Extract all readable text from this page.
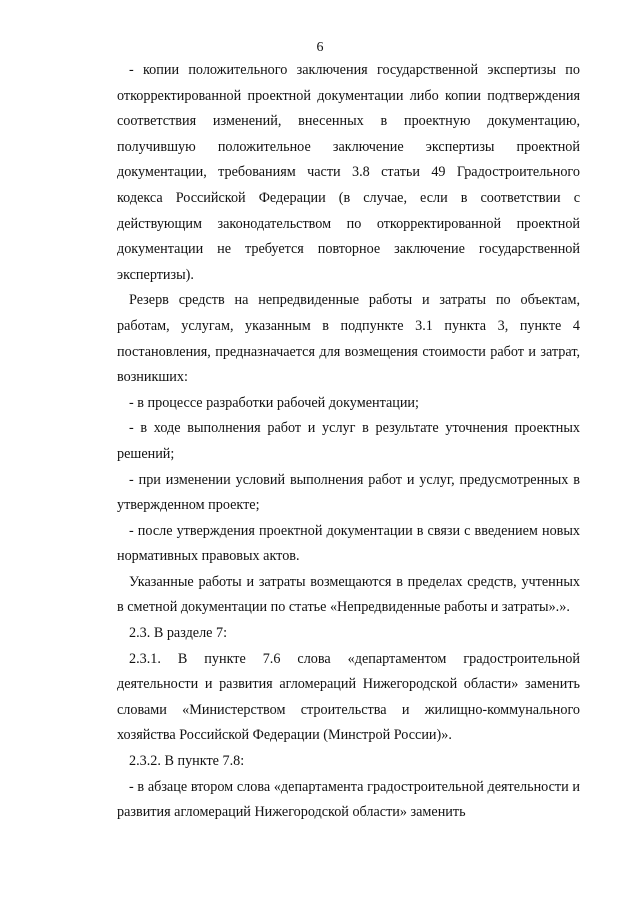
6

- копии положительного заключения государственной экспертизы по откорректированной проектной документации либо копии подтверждения соответствия изменений, внесенных в проектную документацию, получившую положительное заключение экспертизы проектной документации, требованиям части 3.8 статьи 49 Градостроительного кодекса Российской Федерации (в случае, если в соответствии с действующим законодательством по откорректированной проектной документации не требуется повторное заключение государственной экспертизы).

Резерв средств на непредвиденные работы и затраты по объектам, работам, услугам, указанным в подпункте 3.1 пункта 3, пункте 4 постановления, предназначается для возмещения стоимости работ и затрат, возникших:

- в процессе разработки рабочей документации;

- в ходе выполнения работ и услуг в результате уточнения проектных решений;

- при изменении условий выполнения работ и услуг, предусмотренных в утвержденном проекте;

- после утверждения проектной документации в связи с введением новых нормативных правовых актов.

Указанные работы и затраты возмещаются в пределах средств, учтенных в сметной документации по статье «Непредвиденные работы и затраты».».

2.3. В разделе 7:

2.3.1. В пункте 7.6 слова «департаментом градостроительной деятельности и развития агломераций Нижегородской области» заменить словами «Министерством строительства и жилищно-коммунального хозяйства Российской Федерации (Минстрой России)».

2.3.2. В пункте 7.8:

- в абзаце втором слова «департамента градостроительной деятельности и развития агломераций Нижегородской области» заменить
